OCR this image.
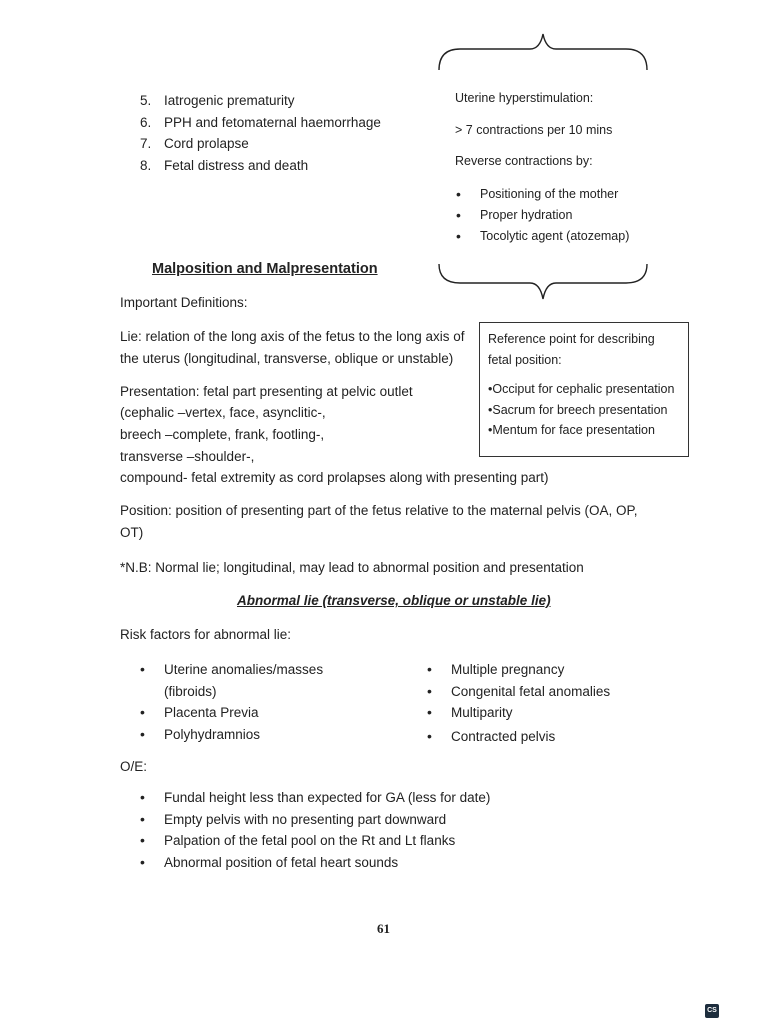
5. Iatrogenic prematurity
6. PPH and fetomaternal haemorrhage
7. Cord prolapse
8. Fetal distress and death
Uterine hyperstimulation:
> 7 contractions per 10 mins
Reverse contractions by:
• Positioning of the mother
• Proper hydration
• Tocolytic agent (atozemap)
Malposition and Malpresentation
Important Definitions:
Lie: relation of the long axis of the fetus to the long axis of
the uterus (longitudinal, transverse, oblique or unstable)
Presentation: fetal part presenting at pelvic outlet
(cephalic –vertex, face, asynclitic-,
breech –complete, frank, footling-,
transverse –shoulder-,
compound- fetal extremity as cord prolapses along with presenting part)

Reference point for describing fetal position:

•Occiput for cephalic presentation
•Sacrum for breech presentation
•Mentum for face presentation
Position: position of presenting part of the fetus relative to the maternal pelvis (OA, OP,
OT)
*N.B: Normal lie; longitudinal, may lead to abnormal position and presentation
Abnormal lie (transverse, oblique or unstable lie)
Risk factors for abnormal lie:
• Uterine anomalies/masses
(fibroids)
• Placenta Previa
• Polyhydramnios
• Multiple pregnancy
• Congenital fetal anomalies
• Multiparity
• Contracted pelvis
O/E:
• Fundal height less than expected for GA (less for date)
• Empty pelvis with no presenting part downward
• Palpation of the fetal pool on the Rt and Lt flanks
• Abnormal position of fetal heart sounds
61
CS
